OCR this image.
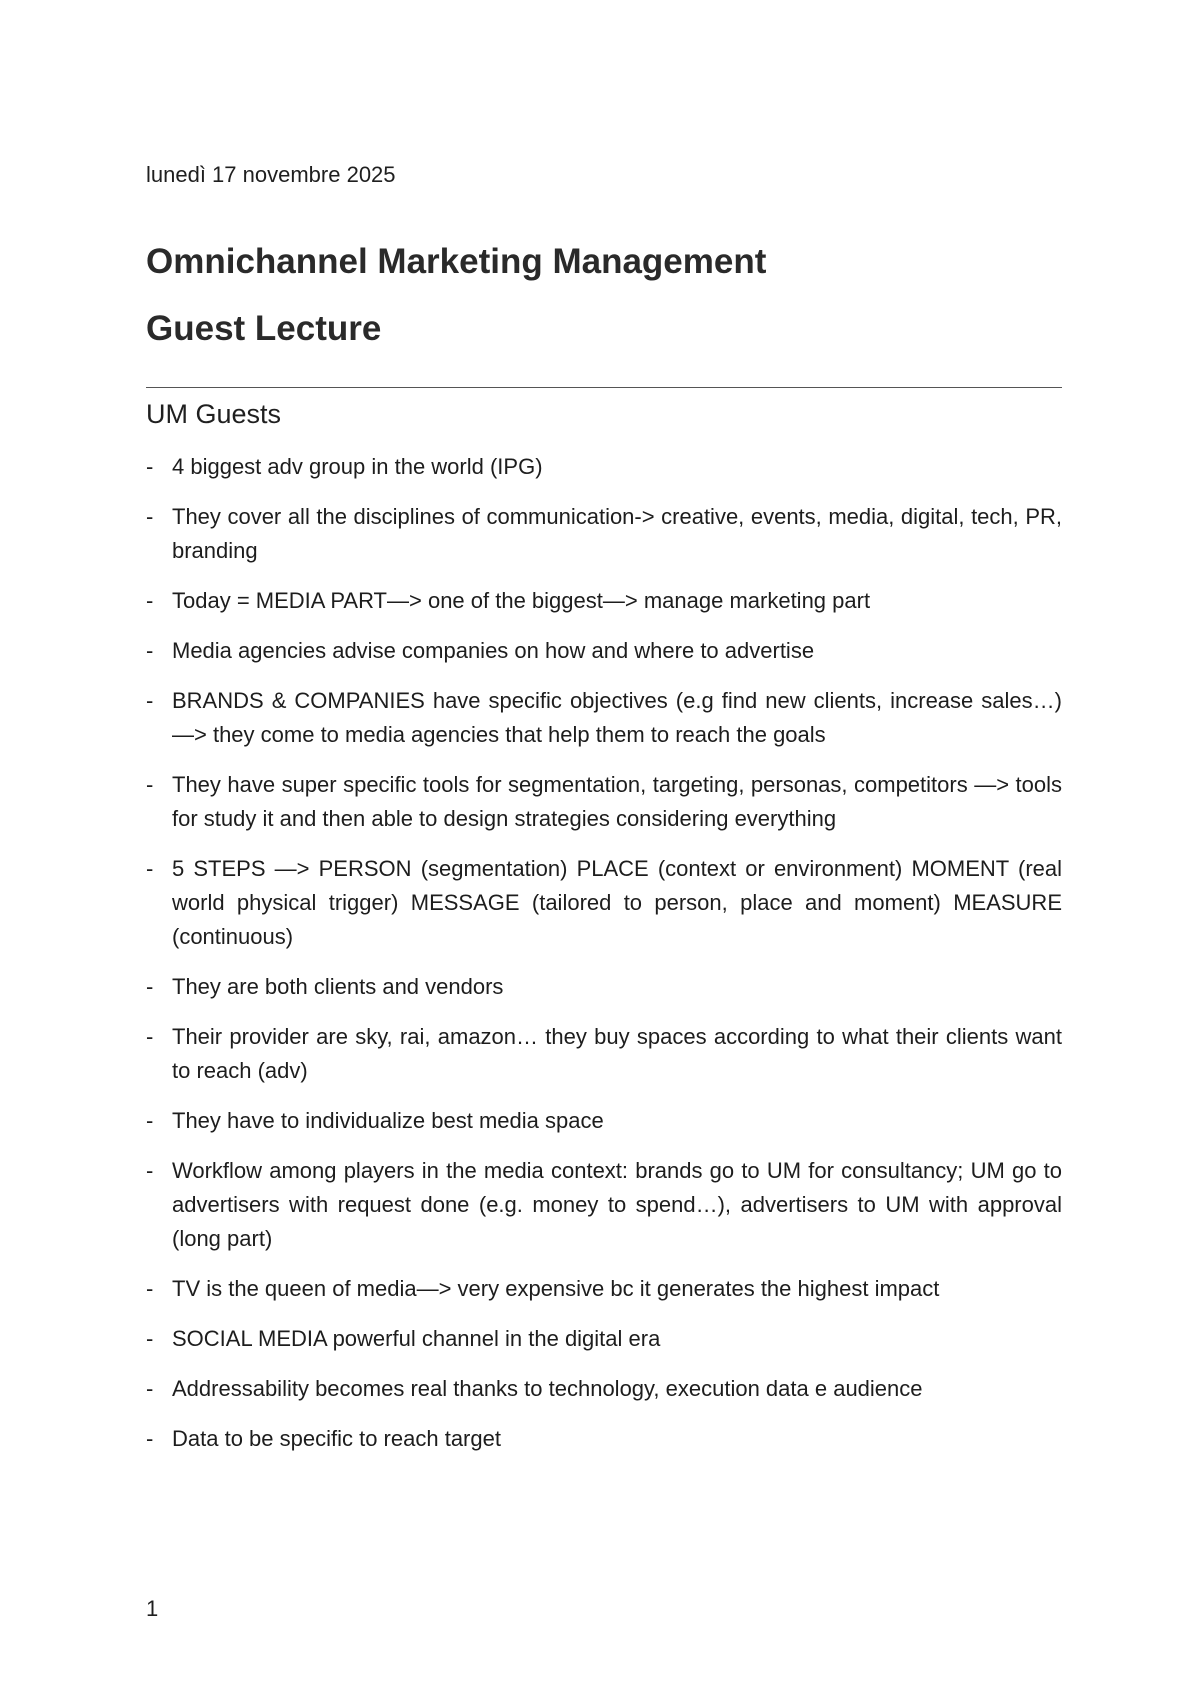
lunedì 17 novembre 2025
Omnichannel Marketing Management
Guest Lecture
UM Guests
- 4 biggest adv group in the world (IPG)
- They cover all the disciplines of communication-> creative, events, media, digital, tech, PR, branding
- Today = MEDIA PART—> one of the biggest—> manage marketing part
- Media agencies advise companies on how and where to advertise
- BRANDS & COMPANIES have specific objectives (e.g find new clients, increase sales…)—> they come to media agencies that help them to reach the goals
- They have super specific tools for segmentation, targeting, personas, competitors —> tools for study it and then able to design strategies considering everything
- 5 STEPS —> PERSON (segmentation) PLACE (context or environment) MOMENT (real world physical trigger) MESSAGE (tailored to person, place and moment) MEASURE (continuous)
- They are both clients and vendors
- Their provider are sky, rai, amazon… they buy spaces according to what their clients want to reach (adv)
- They have to individualize best media space
- Workflow among players in the media context: brands go to UM for consultancy; UM go to advertisers with request done (e.g. money to spend…), advertisers to UM with approval (long part)
- TV is the queen of media—> very expensive bc it generates the highest impact
- SOCIAL MEDIA powerful channel in the digital era
- Addressability becomes real thanks to technology, execution data e audience
- Data to be specific to reach target
1
